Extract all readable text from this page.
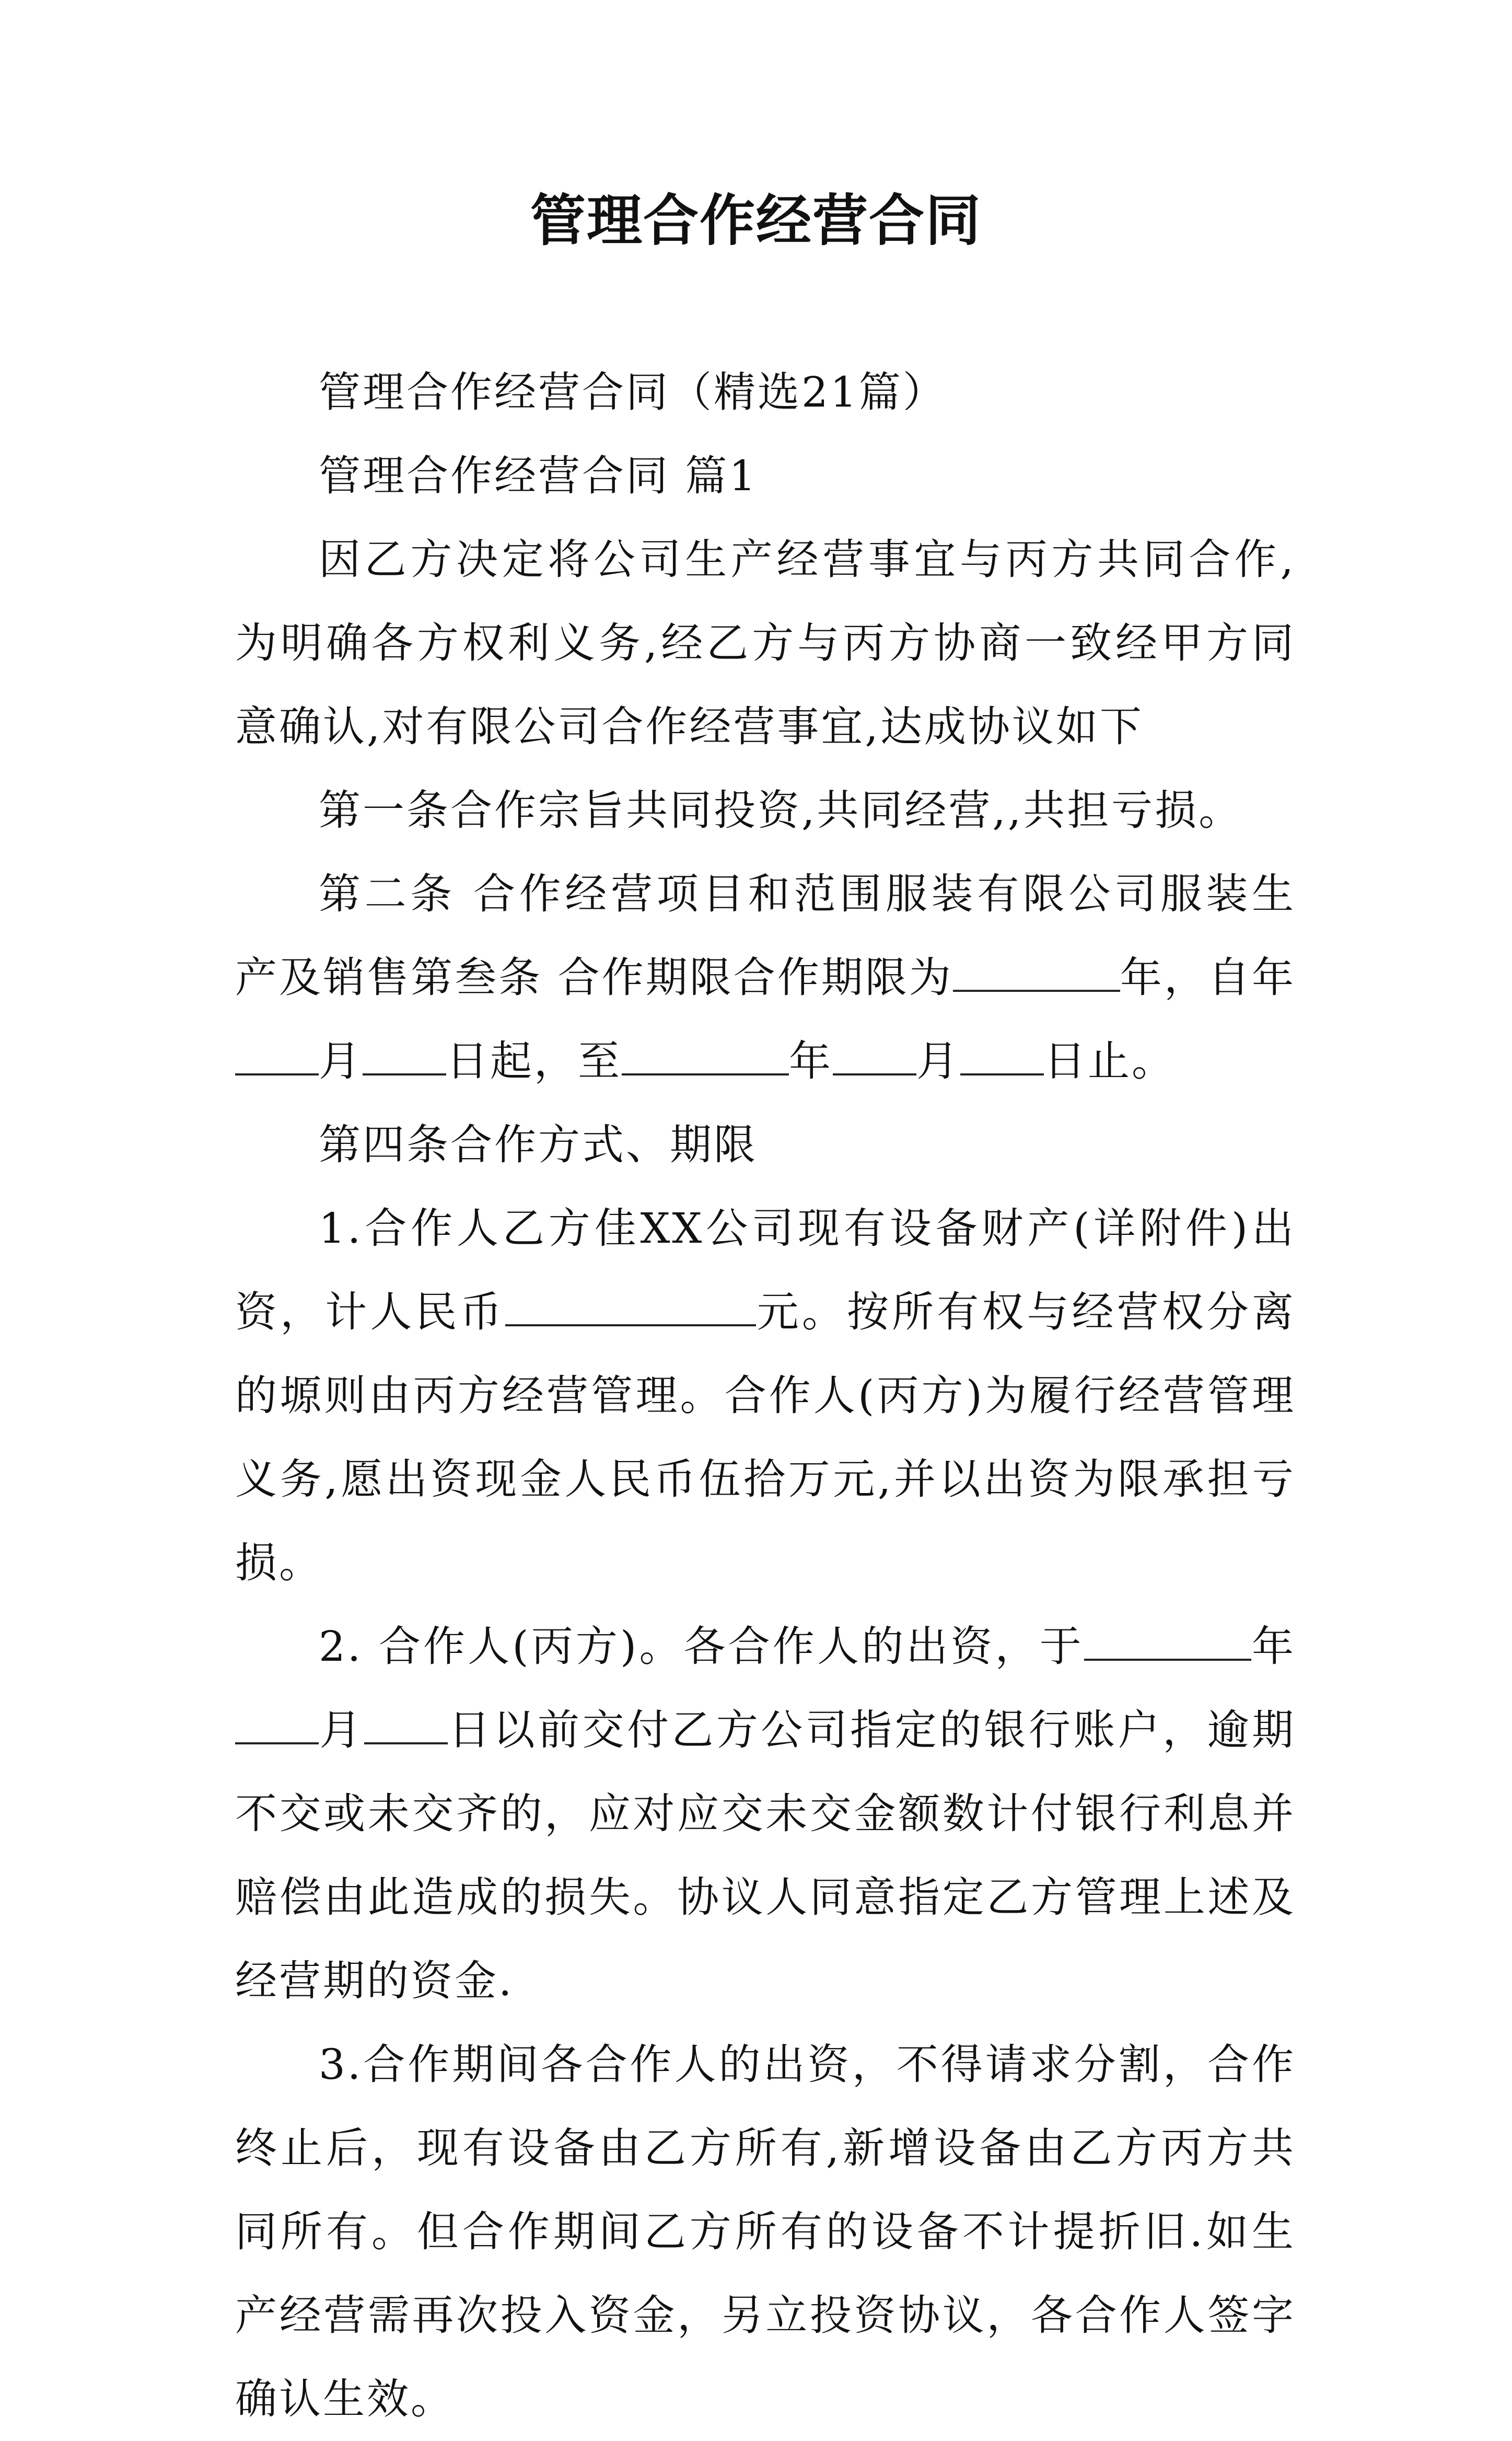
管理合作经营合同

管理合作经营合同（精选21篇）

管理合作经营合同 篇1

因乙方决定将公司生产经营事宜与丙方共同合作,为明确各方权利义务,经乙方与丙方协商一致经甲方同意确认,对有限公司合作经营事宜,达成协议如下

第一条合作宗旨共同投资,共同经营,,共担亏损。

第二条 合作经营项目和范围服装有限公司服装生产及销售第叁条 合作期限合作期限为	年，自年月 日起，至	年 月 日止。

第四条合作方式、期限

1.合作人乙方佳XX公司现有设备财产(详附件)出资，计人民币	元。按所有权与经营权分离的塬则由丙方经营管理。合作人(丙方)为履行经营管理义务,愿出资现金人民币伍拾万元,并以出资为限承担亏损。

2. 合作人(丙方)。各合作人的出资，于	年月 日以前交付乙方公司指定的银行账户，逾期不交或未交齐的，应对应交未交金额数计付银行利息并赔偿由此造成的损失。协议人同意指定乙方管理上述及经营期的资金.

3.合作期间各合作人的出资，不得请求分割，合作终止后，现有设备由乙方所有,新增设备由乙方丙方共同所有。但合作期间乙方所有的设备不计提折旧.如生产经营需再次投入资金，另立投资协议，各合作人签字确认生效。
